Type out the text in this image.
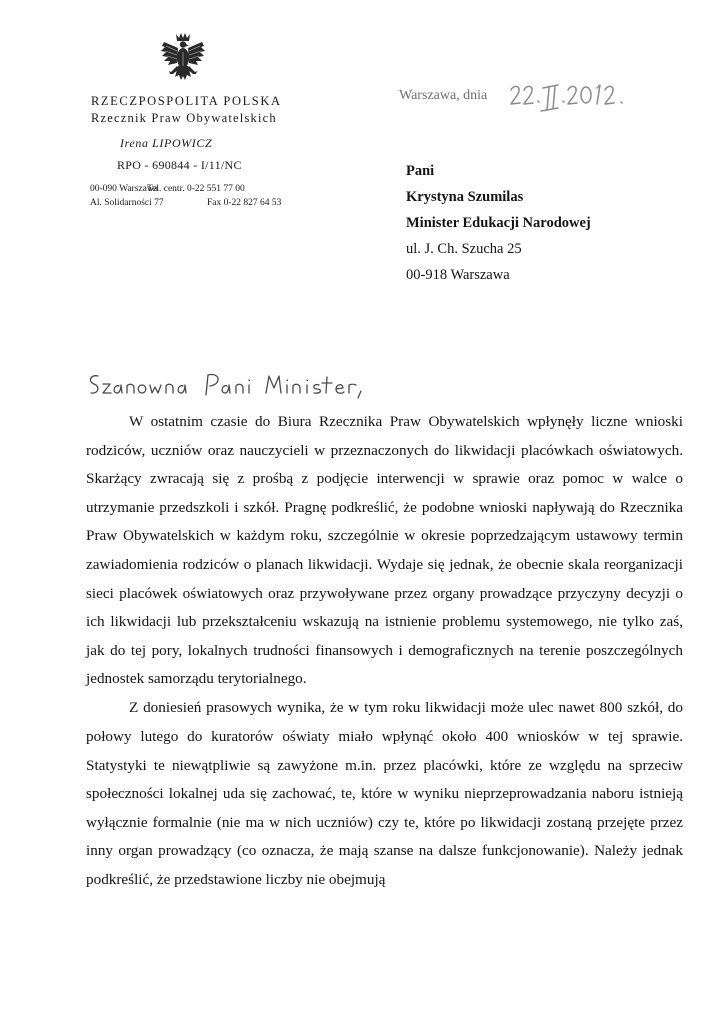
RZECZPOSPOLITA POLSKA
Rzecznik Praw Obywatelskich
Irena LIPOWICZ
RPO - 690844 - I/11/NC
00-090 Warszawa
Tel. centr. 0-22 551 77 00
Al. Solidarności 77	Fax 0-22 827 64 53
Warszawa, dnia
Pani
Krystyna Szumilas
Minister Edukacji Narodowej
ul. J. Ch. Szucha 25
00-918 Warszawa

W ostatnim czasie do Biura Rzecznika Praw Obywatelskich wpłynęły liczne wnioski rodziców, uczniów oraz nauczycieli w przeznaczonych do likwidacji placówkach oświatowych. Skarżący zwracają się z prośbą z podjęcie interwencji w sprawie oraz pomoc w walce o utrzymanie przedszkoli i szkół. Pragnę podkreślić, że podobne wnioski napływają do Rzecznika Praw Obywatelskich w każdym roku, szczególnie w okresie poprzedzającym ustawowy termin zawiadomienia rodziców o planach likwidacji. Wydaje się jednak, że obecnie skala reorganizacji sieci placówek oświatowych oraz przywoływane przez organy prowadzące przyczyny decyzji o ich likwidacji lub przekształceniu wskazują na istnienie problemu systemowego, nie tylko zaś, jak do tej pory, lokalnych trudności finansowych i demograficznych na terenie poszczególnych jednostek samorządu terytorialnego.

Z doniesień prasowych wynika, że w tym roku likwidacji może ulec nawet 800 szkół, do połowy lutego do kuratorów oświaty miało wpłynąć około 400 wniosków w tej sprawie. Statystyki te niewątpliwie są zawyżone m.in. przez placówki, które ze względu na sprzeciw społeczności lokalnej uda się zachować, te, które w wyniku nieprzeprowadzania naboru istnieją wyłącznie formalnie (nie ma w nich uczniów) czy te, które po likwidacji zostaną przejęte przez inny organ prowadzący (co oznacza, że mają szanse na dalsze funkcjonowanie). Należy jednak podkreślić, że przedstawione liczby nie obejmują
